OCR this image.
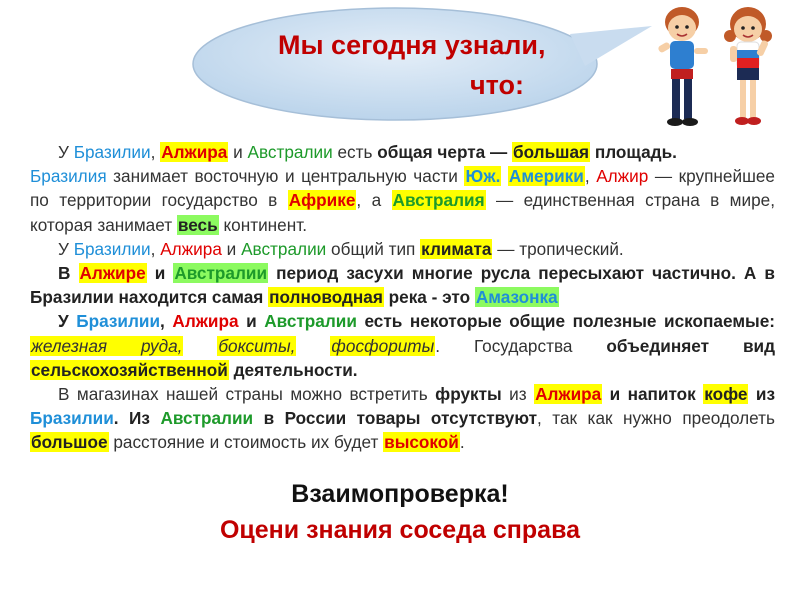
Мы сегодня узнали,
что:

У Бразилии, Алжира и Австралии есть общая черта — большая площадь.

Бразилия занимает восточную и центральную части Юж. Америки, Алжир — крупнейшее по территории государство в Африке, а Австралия — единственная страна в мире, которая занимает весь континент.

У Бразилии, Алжира и Австралии общий тип климата — тропический.

В Алжире и Австралии период засухи многие русла пересыхают частично. А в Бразилии находится самая полноводная река - это Амазонка

У Бразилии, Алжира и Австралии есть некоторые общие полезные ископаемые: железная руда, бокситы, фосфориты. Государства объединяет вид сельскохозяйственной деятельности.

В магазинах нашей страны можно встретить фрукты из Алжира и напиток кофе из Бразилии. Из Австралии в России товары отсутствуют, так как нужно преодолеть большое расстояние и стоимость их будет высокой.

Взаимопроверка!
Оцени знания соседа справа
